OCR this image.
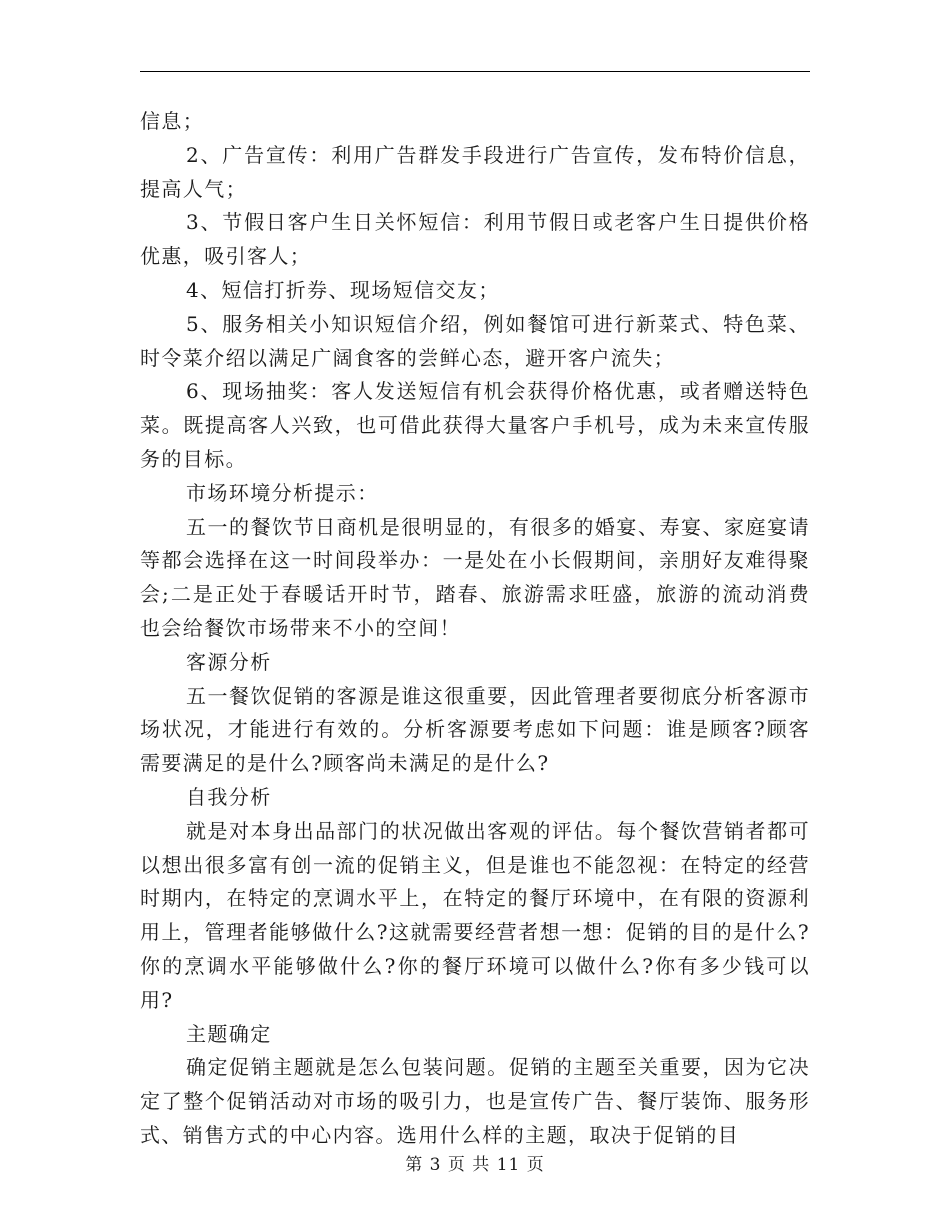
信息；

2、广告宣传：利用广告群发手段进行广告宣传，发布特价信息，提高人气；

3、节假日客户生日关怀短信：利用节假日或老客户生日提供价格优惠，吸引客人；

4、短信打折券、现场短信交友；

5、服务相关小知识短信介绍，例如餐馆可进行新菜式、特色菜、时令菜介绍以满足广阔食客的尝鲜心态，避开客户流失；

6、现场抽奖：客人发送短信有机会获得价格优惠，或者赠送特色菜。既提高客人兴致，也可借此获得大量客户手机号，成为未来宣传服务的目标。

市场环境分析提示：

五一的餐饮节日商机是很明显的，有很多的婚宴、寿宴、家庭宴请等都会选择在这一时间段举办：一是处在小长假期间，亲朋好友难得聚会;二是正处于春暖话开时节，踏春、旅游需求旺盛，旅游的流动消费也会给餐饮市场带来不小的空间！

客源分析

五一餐饮促销的客源是谁这很重要，因此管理者要彻底分析客源市场状况，才能进行有效的。分析客源要考虑如下问题：谁是顾客?顾客需要满足的是什么?顾客尚未满足的是什么?

自我分析

就是对本身出品部门的状况做出客观的评估。每个餐饮营销者都可以想出很多富有创一流的促销主义，但是谁也不能忽视：在特定的经营时期内，在特定的烹调水平上，在特定的餐厅环境中，在有限的资源利用上，管理者能够做什么?这就需要经营者想一想：促销的目的是什么?你的烹调水平能够做什么?你的餐厅环境可以做什么?你有多少钱可以用?

主题确定

确定促销主题就是怎么包装问题。促销的主题至关重要，因为它决定了整个促销活动对市场的吸引力，也是宣传广告、餐厅装饰、服务形式、销售方式的中心内容。选用什么样的主题，取决于促销的目

第 3 页 共 11 页
